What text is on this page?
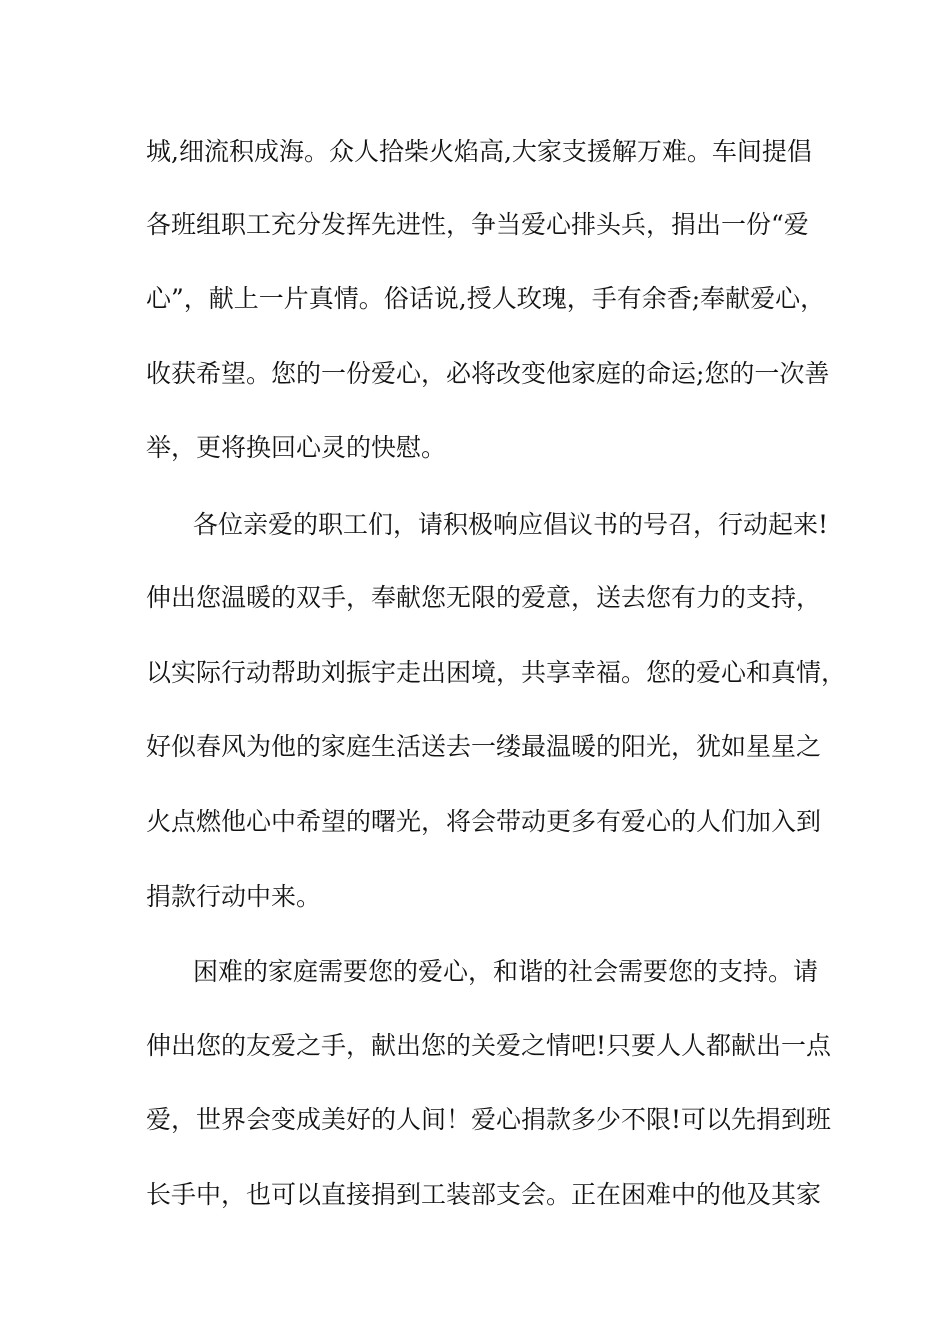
城,细流积成海。众人拾柴火焰高,大家支援解万难。车间提倡
各班组职工充分发挥先进性，争当爱心排头兵，捐出一份“爱
心”，献上一片真情。俗话说,授人玫瑰，手有余香;奉献爱心，
收获希望。您的一份爱心，必将改变他家庭的命运;您的一次善
举，更将换回心灵的快慰。
各位亲爱的职工们，请积极响应倡议书的号召，行动起来!
伸出您温暖的双手，奉献您无限的爱意，送去您有力的支持，
以实际行动帮助刘振宇走出困境，共享幸福。您的爱心和真情，
好似春风为他的家庭生活送去一缕最温暖的阳光，犹如星星之
火点燃他心中希望的曙光，将会带动更多有爱心的人们加入到
捐款行动中来。
困难的家庭需要您的爱心，和谐的社会需要您的支持。请
伸出您的友爱之手，献出您的关爱之情吧!只要人人都献出一点
爱，世界会变成美好的人间！爱心捐款多少不限!可以先捐到班
长手中，也可以直接捐到工装部支会。正在困难中的他及其家
